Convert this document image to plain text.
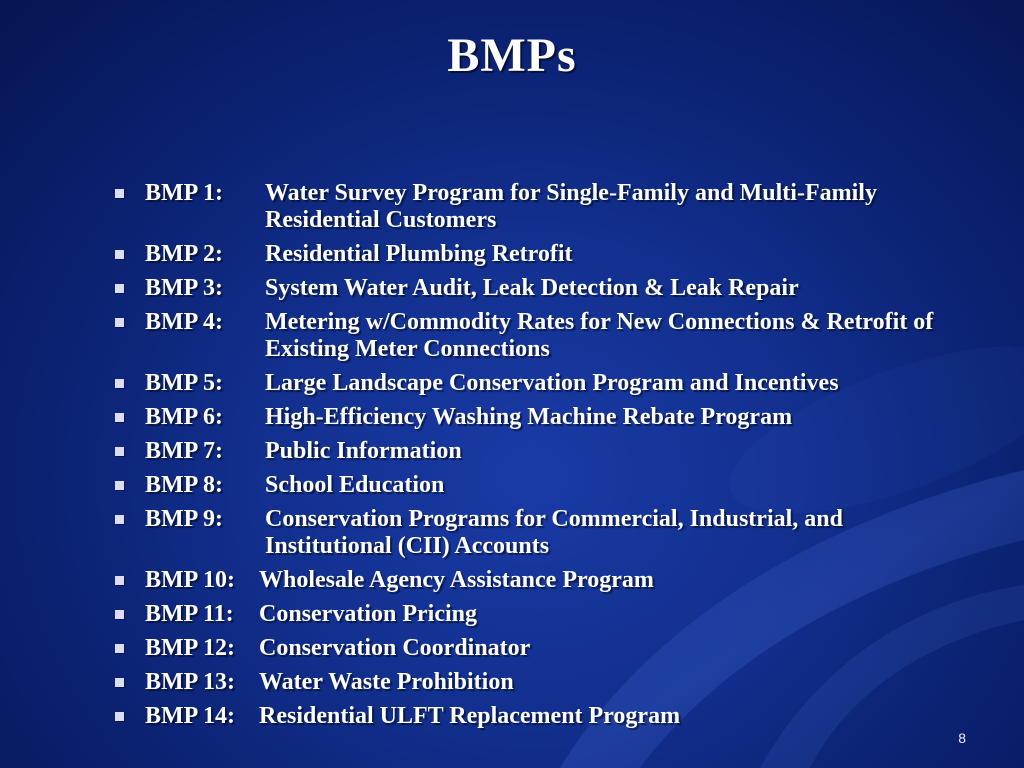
BMPs
BMP 1:	Water Survey Program for Single-Family and Multi-Family Residential Customers
BMP 2:	Residential Plumbing Retrofit
BMP 3:	System Water Audit, Leak Detection & Leak Repair
BMP 4:	Metering w/Commodity Rates for New Connections & Retrofit of Existing Meter Connections
BMP 5:	Large Landscape Conservation Program and Incentives
BMP 6:	High-Efficiency Washing Machine Rebate Program
BMP 7:	Public Information
BMP 8:	School Education
BMP 9:	Conservation Programs for Commercial, Industrial, and Institutional (CII) Accounts
BMP 10:	Wholesale Agency Assistance Program
BMP 11:	Conservation Pricing
BMP 12:	Conservation Coordinator
BMP 13:	Water Waste Prohibition
BMP 14:	Residential ULFT Replacement Program
8
